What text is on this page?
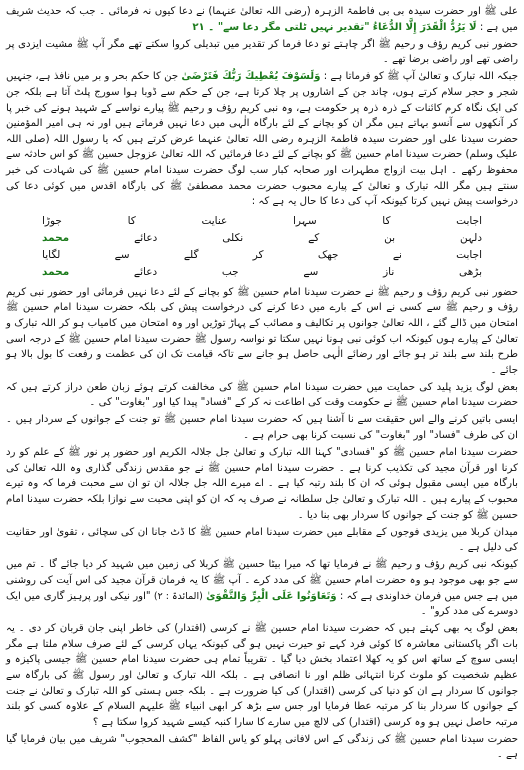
علی ﷺ اور حضرت سیدہ بی بی فاطمۃ الزہرہ (رضی اللہ تعالیٰ عنہما) نے دعا کیوں نہ فرمائی ۔ جب کہ حدیث شریف میں ہے : لَا يَرُدُّ الْقَدَرَ إِلَّا الدُّعَاءُ "تقدیر نہیں ٹلتی مگر دعا سے" ۔ ۲۱

حضور نبی کریم رؤف و رحیم ﷺ اگر چاہتے تو دعا فرما کر تقدیر میں تبدیلی کروا سکتے تھے مگر آپ ﷺ مشیت ایزدی پر راضی تھے اور راضی برضا تھے ۔

جبکہ اللہ تبارک و تعالیٰ آپ ﷺ کو فرماتا ہے : وَلَسَوْفَ يُعْطِيكَ رَبُّكَ فَتَرْضَىٰ جن کا حکم بحر و بر میں نافذ ہے، جنہیں شجر و حجر سلام کرتے ہوں، چاند جن کے اشاروں پر چلا کرتا ہے، جن کے حکم سے ڈوبا ہوا سورج پلٹ آتا ہے بلکہ جن کی ایک نگاہ کرم کائنات کے ذرہ ذرہ پر حکومت ہے، وہ نبی کریم رؤف و رحیم ﷺ پیارے نواسے کے شہید ہونے کی خبر پا کر آنکھوں سے آنسو بہاتے ہیں مگر ان کو بچانے کے لئے بارگاہ الٰہی میں دعا نہیں فرماتے ہیں اور نہ ہی امیر المؤمنین حضرت سیدنا علی اور حضرت سیدہ فاطمۃ الزہرہ رضی اللہ تعالیٰ عنہما عرض کرتے ہیں کہ یا رسول اللہ (صلی اللہ علیک وسلم) حضرت سیدنا امام حسین ﷺ کو بچانے کے لئے دعا فرمائیں کہ اللہ تعالیٰ عزوجل حسین ﷺ کو اس حادثہ سے محفوظ رکھے ۔ اہل بیت ازواج مطہرات اور صحابہ کبار سب لوگ حضرت سیدنا امام حسین ﷺ کی شہادت کی خبر سنتے ہیں مگر اللہ تبارک و تعالیٰ کے پیارے محبوب حضرت محمد مصطفیٰ ﷺ کی بارگاہ اقدس میں کوئی دعا کی درخواست پیش نہیں کرتا کیونکہ آپ کی دعا کا حال یہ ہے کہ :

اجابت
کا
سہرا
عنایت
کا
جوڑا
دلہن
بن
کے
نکلی
دعائے
محمد
اجابت
نے
جھک
کر
گلے
سے
لگایا
بڑھی
ناز
سے
جب
دعائے
محمد

حضور نبی کریم رؤف و رحیم ﷺ نے حضرت سیدنا امام حسین ﷺ کو بچانے کے لئے دعا نہیں فرمائی اور حضور نبی کریم رؤف و رحیم ﷺ سے کسی نے اس کے بارے میں دعا کرنے کی درخواست پیش کی بلکہ حضرت سیدنا امام حسین ﷺ امتحان میں ڈالے گئے ، اللہ تعالیٰ جوانوں پر تکالیف و مصائب کے پہاڑ توڑیں اور وہ امتحان میں کامیاب ہو کر اللہ تبارک و تعالیٰ کے پیارے ہوں کیونکہ اب کوئی نبی ہونا نہیں سکتا تو نواسہ رسول ﷺ حضرت سیدنا امام حسین ﷺ کے درجہ اسی طرح بلند سے بلند تر ہو جائے اور رضائے الٰہی حاصل ہو جانے سے تاکہ قیامت تک ان کی عظمت و رفعت کا بول بالا ہو جائے ۔

بعض لوگ یزید پلید کی حمایت میں حضرت سیدنا امام حسین ﷺ کی مخالفت کرتے ہوئے زبان طعن دراز کرتے ہیں کہ حضرت سیدنا امام حسین ﷺ نے حکومت وقت کی اطاعت نہ کر کے "فساد" پیدا کیا اور "بغاوت" کی ۔

ایسی باتیں کرنے والے اس حقیقت سے نا آشنا ہیں کہ حضرت سیدنا امام حسین ﷺ تو جنت کے جوانوں کے سردار ہیں ۔ ان کی طرف "فساد" اور "بغاوت" کی نسبت کرنا بھی حرام ہے ۔

حضرت سیدنا امام حسین ﷺ کو "فسادی" کہنا اللہ تبارک و تعالیٰ جل جلالہ الکریم اور حضور پر نور ﷺ کے علم کو رد کرنا اور قرآن مجید کی تکذیب کرنا ہے ۔ حضرت سیدنا امام حسین ﷺ نے جو مقدس زندگی گذاری وہ اللہ تعالیٰ کی بارگاہ میں ایسی مقبول ہوئی کہ ان کا بلند رتبہ کیا ہے ۔ اے میرے اللہ جل جلالہ ان تو ان سے محبت فرما کہ وہ تیرے محبوب کے پیارے ہیں ۔ اللہ تبارک و تعالیٰ جل سلطانہ نے صرف یہ کہ ان کو اپنی محبت سے نوازا بلکہ حضرت سیدنا امام حسین ﷺ کو جنت کے جوانوں کا سردار بھی بنا دیا ۔

میدان کربلا میں یزیدی فوجوں کے مقابلے میں حضرت سیدنا امام حسین ﷺ کا ڈٹ جانا ان کی سچائی ، تقویٰ اور حقانیت کی دلیل ہے ۔

کیونکہ نبی کریم رؤف و رحیم ﷺ نے فرمایا تھا کہ میرا بیٹا حسین ﷺ کربلا کی زمین میں شہید کر دیا جائے گا ۔ تم میں سے جو بھی موجود ہو وہ حضرت امام حسین ﷺ کی مدد کرے ۔ آپ ﷺ کا یہ فرمان قرآن مجید کی اس آیت کی روشنی میں ہے جس میں فرمان خداوندی ہے کہ : وَتَعَاوَنُوا عَلَى الْبِرِّ وَالتَّقْوَىٰ (المائدۃ : ۲) "اور نیکی اور پرہیز گاری میں ایک دوسرے کی مدد کرو" ۔

بعض لوگ یہ بھی کہتے ہیں کہ حضرت سیدنا امام حسین ﷺ نے کرسی (اقتدار) کی خاطر اپنی جان قربان کر دی ۔ یہ بات اگر پاکستانی معاشرہ کا کوئی فرد کہے تو حیرت نہیں ہو گی کیونکہ یہاں کرسی کے لئے صرف سلام ملتا ہے مگر ایسی سوچ کے ساتھ اس کو یہ کھلا اعتماد بخش دیا گیا ۔ تقریباً تمام ہی حضرت سیدنا امام حسین ﷺ جیسی پاکیزہ و عظیم شخصیت کو ملوث کرنا انتہائی ظلم اور نا انصافی ہے ۔ بلکہ اللہ تبارک و تعالیٰ اور رسول ﷺ کی بارگاہ سے جوانوں کا سردار ہے ان کو دنیا کی کرسی (اقتدار) کی کیا ضرورت ہے ۔ بلکہ جس ہستی کو اللہ تبارک و تعالیٰ نے جنت کے جوانوں کا سردار بنا کر مرتبہ عطا فرمایا اور جس سے بڑھ کر ابھی انبیاء ﷺ علیہم السلام کے علاوہ کسی کو بلند مرتبہ حاصل نہیں ہو وہ کرسی (اقتدار) کی لالچ میں سارے کا سارا کنبہ کیسے شہید کروا سکتا ہے ؟

حضرت سیدنا امام حسین ﷺ کی زندگی کے اس لافانی پہلو کو یاس الفاظ "کشف المحجوب" شریف میں بیان فرمایا گیا ہے ۔
